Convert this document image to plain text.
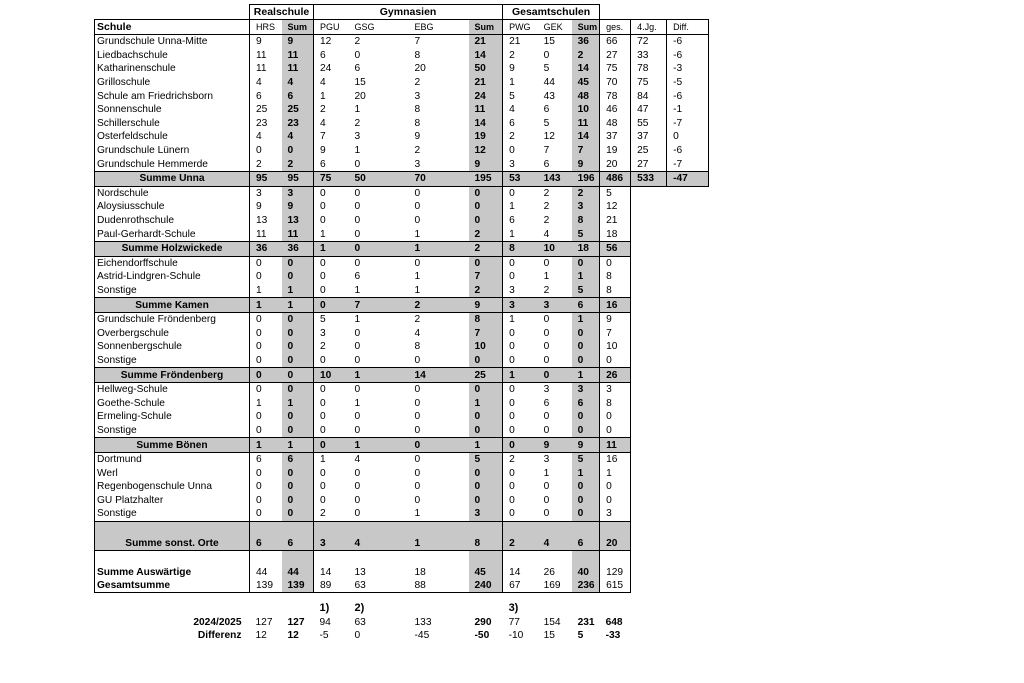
	Realschule		Gymnasien				Gesamtschulen					
Schule	HRS	Sum	PGU	GSG	EBG	Sum	PWG	GEK	Sum	ges.	4.Jg.	Diff.
Grundschule Unna-Mitte	9	9	12	2	7	21	21	15	36	66	72	-6
Liedbachschule	11	11	6	0	8	14	2	0	2	27	33	-6
Katharinenschule	11	11	24	6	20	50	9	5	14	75	78	-3
Grilloschule	4	4	4	15	2	21	1	44	45	70	75	-5
Schule am Friedrichsborn	6	6	1	20	3	24	5	43	48	78	84	-6
Sonnenschule	25	25	2	1	8	11	4	6	10	46	47	-1
Schillerschule	23	23	4	2	8	14	6	5	11	48	55	-7
Osterfeldschule	4	4	7	3	9	19	2	12	14	37	37	0
Grundschule Lünern	0	0	9	1	2	12	0	7	7	19	25	-6
Grundschule Hemmerde	2	2	6	0	3	9	3	6	9	20	27	-7
Summe Unna	95	95	75	50	70	195	53	143	196	486	533	-47
Nordschule	3	3	0	0	0	0	0	2	2	5		
Aloysiusschule	9	9	0	0	0	0	1	2	3	12		
Dudenrothschule	13	13	0	0	0	0	6	2	8	21		
Paul-Gerhardt-Schule	11	11	1	0	1	2	1	4	5	18		
Summe Holzwickede	36	36	1	0	1	2	8	10	18	56		
Eichendorffschule	0	0	0	0	0	0	0	0	0	0		
Astrid-Lindgren-Schule	0	0	0	6	1	7	0	1	1	8		
Sonstige	1	1	0	1	1	2	3	2	5	8		
Summe Kamen	1	1	0	7	2	9	3	3	6	16		
Grundschule Fröndenberg	0	0	5	1	2	8	1	0	1	9		
Overbergschule	0	0	3	0	4	7	0	0	0	7		
Sonnenbergschule	0	0	2	0	8	10	0	0	0	10		
Sonstige	0	0	0	0	0	0	0	0	0	0		
Summe Fröndenberg	0	0	10	1	14	25	1	0	1	26		
Hellweg-Schule	0	0	0	0	0	0	0	3	3	3		
Goethe-Schule	1	1	0	1	0	1	0	6	6	8		
Ermeling-Schule	0	0	0	0	0	0	0	0	0	0		
Sonstige	0	0	0	0	0	0	0	0	0	0		
Summe Bönen	1	1	0	1	0	1	0	9	9	11		
Dortmund	6	6	1	4	0	5	2	3	5	16		
Werl	0	0	0	0	0	0	0	1	1	1		
Regenbogenschule Unna	0	0	0	0	0	0	0	0	0	0		
GU Platzhalter	0	0	0	0	0	0	0	0	0	0		
Sonstige	0	0	2	0	1	3	0	0	0	3		
Summe sonst. Orte	6	6	3	4	1	8	2	4	6	20		
Summe Auswärtige	44	44	14	13	18	45	14	26	40	129		
Gesamtsumme	139	139	89	63	88	240	67	169	236	615		
			1)	2)			3)					
2024/2025	127	127	94	63	133	290	77	154	231	648		
Differenz	12	12	-5	0	-45	-50	-10	15	5	-33		
